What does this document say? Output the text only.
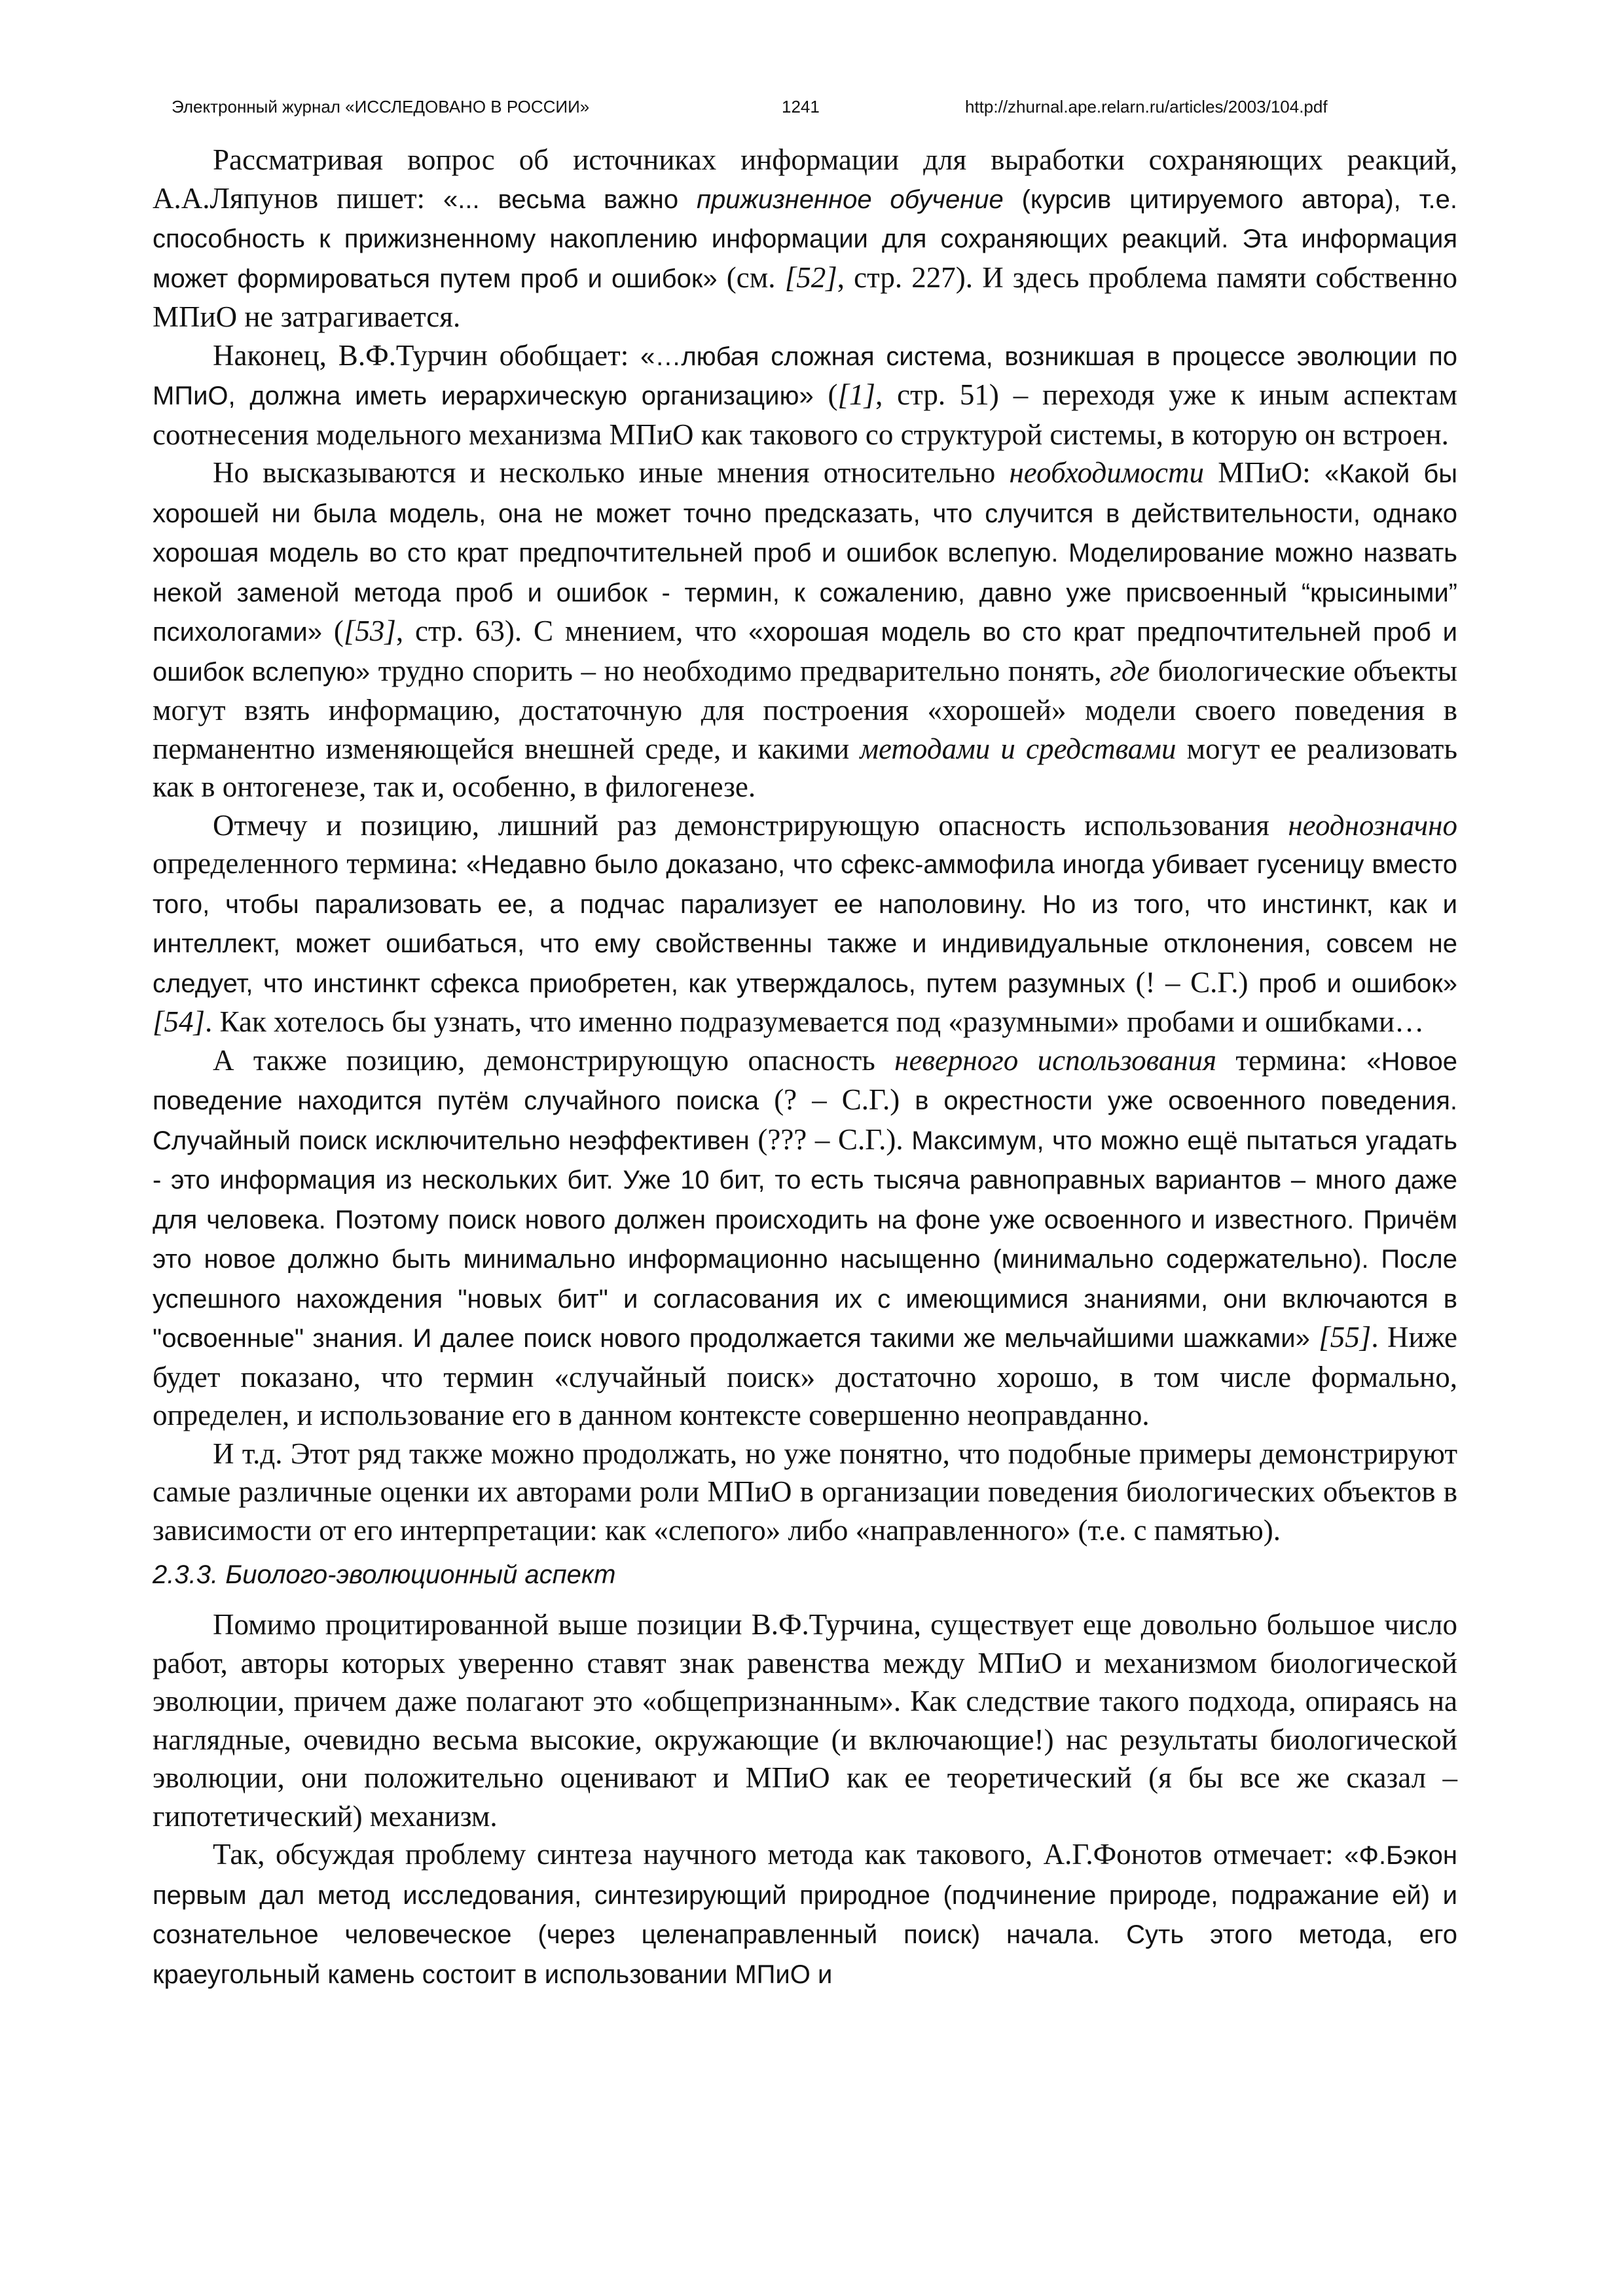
Электронный журнал «ИССЛЕДОВАНО В РОССИИ»	1241	http://zhurnal.ape.relarn.ru/articles/2003/104.pdf

Рассматривая вопрос об источниках информации для выработки сохраняющих реакций, А.А.Ляпунов пишет: «... весьма важно прижизненное обучение (курсив цитируемого автора), т.е. способность к прижизненному накоплению информации для сохраняющих реакций. Эта информация может формироваться путем проб и ошибок» (см. [52], стр. 227). И здесь проблема памяти собственно МПиО не затрагивается.

Наконец, В.Ф.Турчин обобщает: «…любая сложная система, возникшая в процессе эволюции по МПиО, должна иметь иерархическую организацию» ([1], стр. 51) – переходя уже к иным аспектам соотнесения модельного механизма МПиО как такового со структурой системы, в которую он встроен.

Но высказываются и несколько иные мнения относительно необходимости МПиО: «Какой бы хорошей ни была модель, она не может точно предсказать, что случится в действительности, однако хорошая модель во сто крат предпочтительней проб и ошибок вслепую. Моделирование можно назвать некой заменой метода проб и ошибок - термин, к сожалению, давно уже присвоенный “крысиными” психологами» ([53], стр. 63). С мнением, что «хорошая модель во сто крат предпочтительней проб и ошибок вслепую» трудно спорить – но необходимо предварительно понять, где биологические объекты могут взять информацию, достаточную для построения «хорошей» модели своего поведения в перманентно изменяющейся внешней среде, и какими методами и средствами могут ее реализовать как в онтогенезе, так и, особенно, в филогенезе.

Отмечу и позицию, лишний раз демонстрирующую опасность использования неоднозначно определенного термина: «Недавно было доказано, что сфекс-аммофила иногда убивает гусеницу вместо того, чтобы парализовать ее, а подчас парализует ее наполовину. Но из того, что инстинкт, как и интеллект, может ошибаться, что ему свойственны также и индивидуальные отклонения, совсем не следует, что инстинкт сфекса приобретен, как утверждалось, путем разумных (! – С.Г.) проб и ошибок» [54]. Как хотелось бы узнать, что именно подразумевается под «разумными» пробами и ошибками…

А также позицию, демонстрирующую опасность неверного использования термина: «Новое поведение находится путём случайного поиска (? – С.Г.) в окрестности уже освоенного поведения. Случайный поиск исключительно неэффективен (??? – С.Г.). Максимум, что можно ещё пытаться угадать - это информация из нескольких бит. Уже 10 бит, то есть тысяча равноправных вариантов – много даже для человека. Поэтому поиск нового должен происходить на фоне уже освоенного и известного. Причём это новое должно быть минимально информационно насыщенно (минимально содержательно). После успешного нахождения "новых бит" и согласования их с имеющимися знаниями, они включаются в "освоенные" знания. И далее поиск нового продолжается такими же мельчайшими шажками» [55]. Ниже будет показано, что термин «случайный поиск» достаточно хорошо, в том числе формально, определен, и использование его в данном контексте совершенно неоправданно.

И т.д. Этот ряд также можно продолжать, но уже понятно, что подобные примеры демонстрируют самые различные оценки их авторами роли МПиО в организации поведения биологических объектов в зависимости от его интерпретации: как «слепого» либо «направленного» (т.е. с памятью).

2.3.3. Биолого-эволюционный аспект

Помимо процитированной выше позиции В.Ф.Турчина, существует еще довольно большое число работ, авторы которых уверенно ставят знак равенства между МПиО и механизмом биологической эволюции, причем даже полагают это «общепризнанным». Как следствие такого подхода, опираясь на наглядные, очевидно весьма высокие, окружающие (и включающие!) нас результаты биологической эволюции, они положительно оценивают и МПиО как ее теоретический (я бы все же сказал – гипотетический) механизм.

Так, обсуждая проблему синтеза научного метода как такового, А.Г.Фонотов отмечает: «Ф.Бэкон первым дал метод исследования, синтезирующий природное (подчинение природе, подражание ей) и сознательное человеческое (через целенаправленный поиск) начала. Суть этого метода, его краеугольный камень состоит в использовании МПиО и
